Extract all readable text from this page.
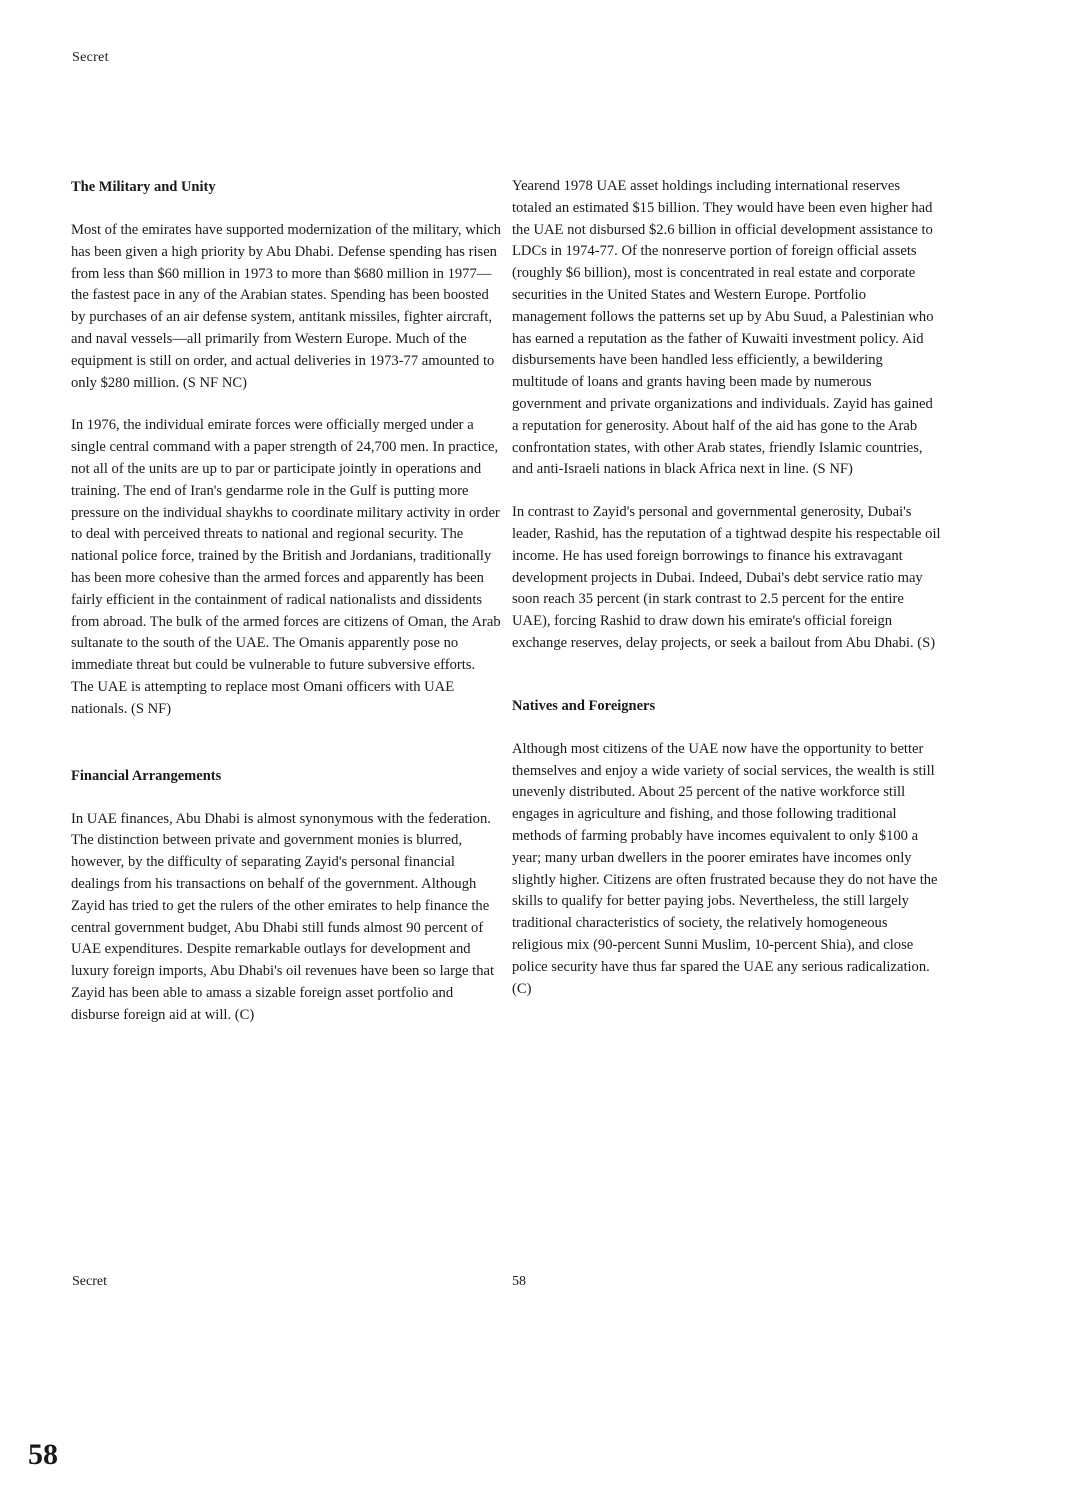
Secret
The Military and Unity

Most of the emirates have supported modernization of the military, which has been given a high priority by Abu Dhabi. Defense spending has risen from less than $60 million in 1973 to more than $680 million in 1977—the fastest pace in any of the Arabian states. Spending has been boosted by purchases of an air defense system, antitank missiles, fighter aircraft, and naval vessels—all primarily from Western Europe. Much of the equipment is still on order, and actual deliveries in 1973-77 amounted to only $280 million. (S NF NC)

In 1976, the individual emirate forces were officially merged under a single central command with a paper strength of 24,700 men. In practice, not all of the units are up to par or participate jointly in operations and training. The end of Iran's gendarme role in the Gulf is putting more pressure on the individual shaykhs to coordinate military activity in order to deal with perceived threats to national and regional security. The national police force, trained by the British and Jordanians, traditionally has been more cohesive than the armed forces and apparently has been fairly efficient in the containment of radical nationalists and dissidents from abroad. The bulk of the armed forces are citizens of Oman, the Arab sultanate to the south of the UAE. The Omanis apparently pose no immediate threat but could be vulnerable to future subversive efforts. The UAE is attempting to replace most Omani officers with UAE nationals. (S NF)

Financial Arrangements

In UAE finances, Abu Dhabi is almost synonymous with the federation. The distinction between private and government monies is blurred, however, by the difficulty of separating Zayid's personal financial dealings from his transactions on behalf of the government. Although Zayid has tried to get the rulers of the other emirates to help finance the central government budget, Abu Dhabi still funds almost 90 percent of UAE expenditures. Despite remarkable outlays for development and luxury foreign imports, Abu Dhabi's oil revenues have been so large that Zayid has been able to amass a sizable foreign asset portfolio and disburse foreign aid at will. (C)

Yearend 1978 UAE asset holdings including international reserves totaled an estimated $15 billion. They would have been even higher had the UAE not disbursed $2.6 billion in official development assistance to LDCs in 1974-77. Of the nonreserve portion of foreign official assets (roughly $6 billion), most is concentrated in real estate and corporate securities in the United States and Western Europe. Portfolio management follows the patterns set up by Abu Suud, a Palestinian who has earned a reputation as the father of Kuwaiti investment policy. Aid disbursements have been handled less efficiently, a bewildering multitude of loans and grants having been made by numerous government and private organizations and individuals. Zayid has gained a reputation for generosity. About half of the aid has gone to the Arab confrontation states, with other Arab states, friendly Islamic countries, and anti-Israeli nations in black Africa next in line. (S NF)

In contrast to Zayid's personal and governmental generosity, Dubai's leader, Rashid, has the reputation of a tightwad despite his respectable oil income. He has used foreign borrowings to finance his extravagant development projects in Dubai. Indeed, Dubai's debt service ratio may soon reach 35 percent (in stark contrast to 2.5 percent for the entire UAE), forcing Rashid to draw down his emirate's official foreign exchange reserves, delay projects, or seek a bailout from Abu Dhabi. (S)

Natives and Foreigners

Although most citizens of the UAE now have the opportunity to better themselves and enjoy a wide variety of social services, the wealth is still unevenly distributed. About 25 percent of the native workforce still engages in agriculture and fishing, and those following traditional methods of farming probably have incomes equivalent to only $100 a year; many urban dwellers in the poorer emirates have incomes only slightly higher. Citizens are often frustrated because they do not have the skills to qualify for better paying jobs. Nevertheless, the still largely traditional characteristics of society, the relatively homogeneous religious mix (90-percent Sunni Muslim, 10-percent Shia), and close police security have thus far spared the UAE any serious radicalization. (C)

Secret	58
58
